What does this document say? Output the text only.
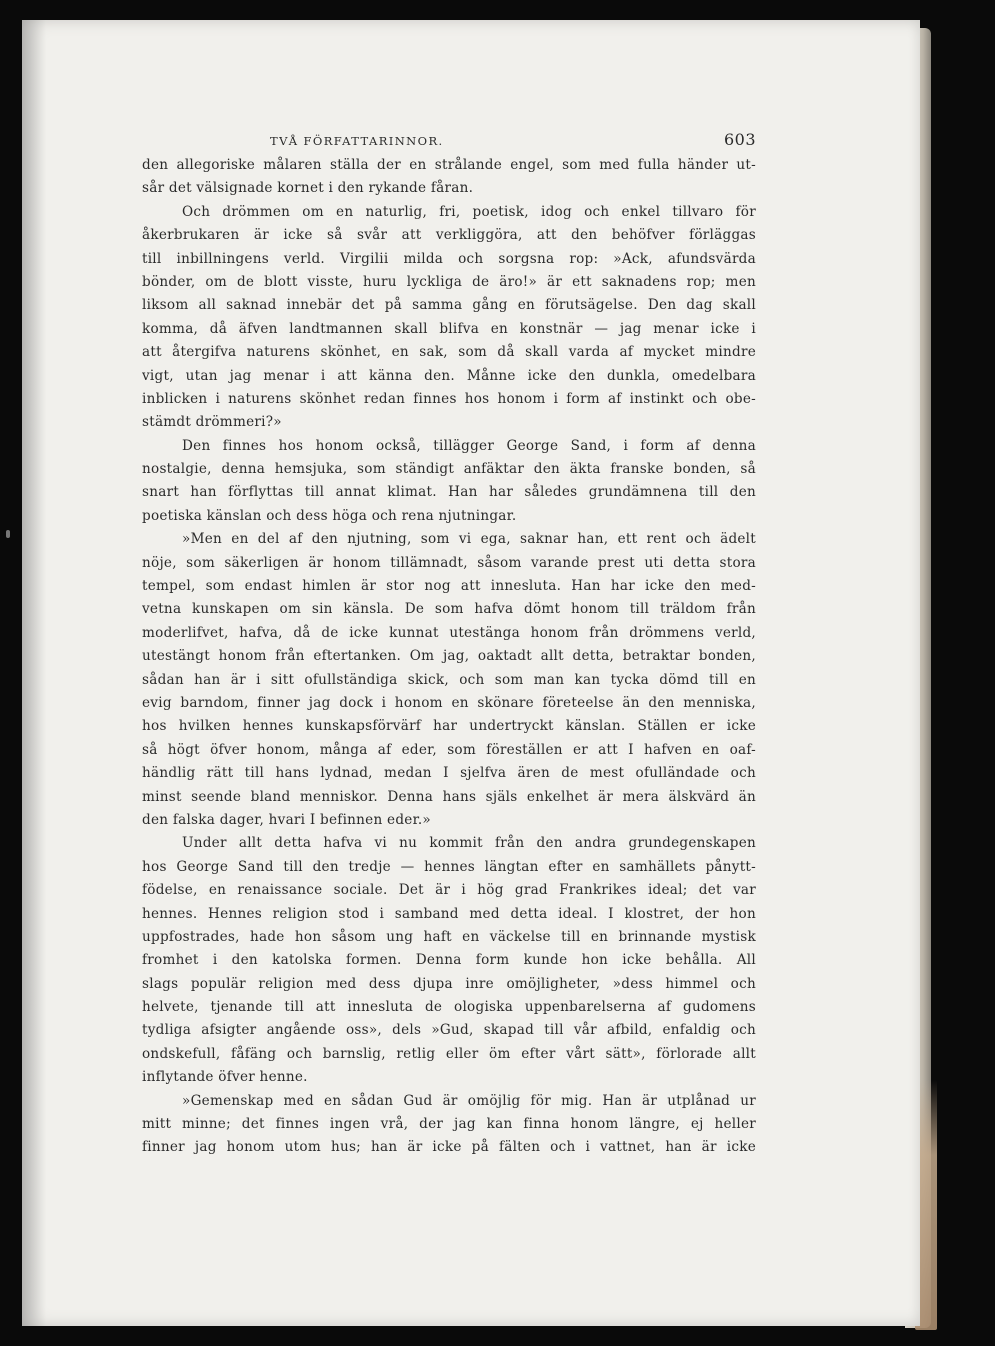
TVÅ FÖRFATTARINNOR.	603
den allegoriske målaren ställa der en strålande engel, som med fulla händer ut-
sår det välsignade kornet i den rykande fåran.
Och drömmen om en naturlig, fri, poetisk, idog och enkel tillvaro för
åkerbrukaren är icke så svår att verkliggöra, att den behöfver förläggas
till inbillningens verld. Virgilii milda och sorgsna rop: »Ack, afundsvärda
bönder, om de blott visste, huru lyckliga de äro!» är ett saknadens rop; men
liksom all saknad innebär det på samma gång en förutsägelse. Den dag skall
komma, då äfven landtmannen skall blifva en konstnär — jag menar icke i
att återgifva naturens skönhet, en sak, som då skall varda af mycket mindre
vigt, utan jag menar i att känna den. Månne icke den dunkla, omedelbara
inblicken i naturens skönhet redan finnes hos honom i form af instinkt och obe-
stämdt drömmeri?»
Den finnes hos honom också, tillägger George Sand, i form af denna
nostalgie, denna hemsjuka, som ständigt anfäktar den äkta franske bonden, så
snart han förflyttas till annat klimat. Han har således grundämnena till den
poetiska känslan och dess höga och rena njutningar.
»Men en del af den njutning, som vi ega, saknar han, ett rent och ädelt
nöje, som säkerligen är honom tillämnadt, såsom varande prest uti detta stora
tempel, som endast himlen är stor nog att innesluta. Han har icke den med-
vetna kunskapen om sin känsla. De som hafva dömt honom till träldom från
moderlifvet, hafva, då de icke kunnat utestänga honom från drömmens verld,
utestängt honom från eftertanken. Om jag, oaktadt allt detta, betraktar bonden,
sådan han är i sitt ofullständiga skick, och som man kan tycka dömd till en
evig barndom, finner jag dock i honom en skönare företeelse än den menniska,
hos hvilken hennes kunskapsförvärf har undertryckt känslan. Ställen er icke
så högt öfver honom, många af eder, som föreställen er att I hafven en oaf-
händlig rätt till hans lydnad, medan I sjelfva ären de mest ofulländade och
minst seende bland menniskor. Denna hans själs enkelhet är mera älskvärd än
den falska dager, hvari I befinnen eder.»
Under allt detta hafva vi nu kommit från den andra grundegenskapen
hos George Sand till den tredje — hennes längtan efter en samhällets pånytt-
födelse, en renaissance sociale. Det är i hög grad Frankrikes ideal; det var
hennes. Hennes religion stod i samband med detta ideal. I klostret, der hon
uppfostrades, hade hon såsom ung haft en väckelse till en brinnande mystisk
fromhet i den katolska formen. Denna form kunde hon icke behålla. All
slags populär religion med dess djupa inre omöjligheter, »dess himmel och
helvete, tjenande till att innesluta de ologiska uppenbarelserna af gudomens
tydliga afsigter angående oss», dels »Gud, skapad till vår afbild, enfaldig och
ondskefull, fåfäng och barnslig, retlig eller öm efter vårt sätt», förlorade allt
inflytande öfver henne.
»Gemenskap med en sådan Gud är omöjlig för mig. Han är utplånad ur
mitt minne; det finnes ingen vrå, der jag kan finna honom längre, ej heller
finner jag honom utom hus; han är icke på fälten och i vattnet, han är icke
